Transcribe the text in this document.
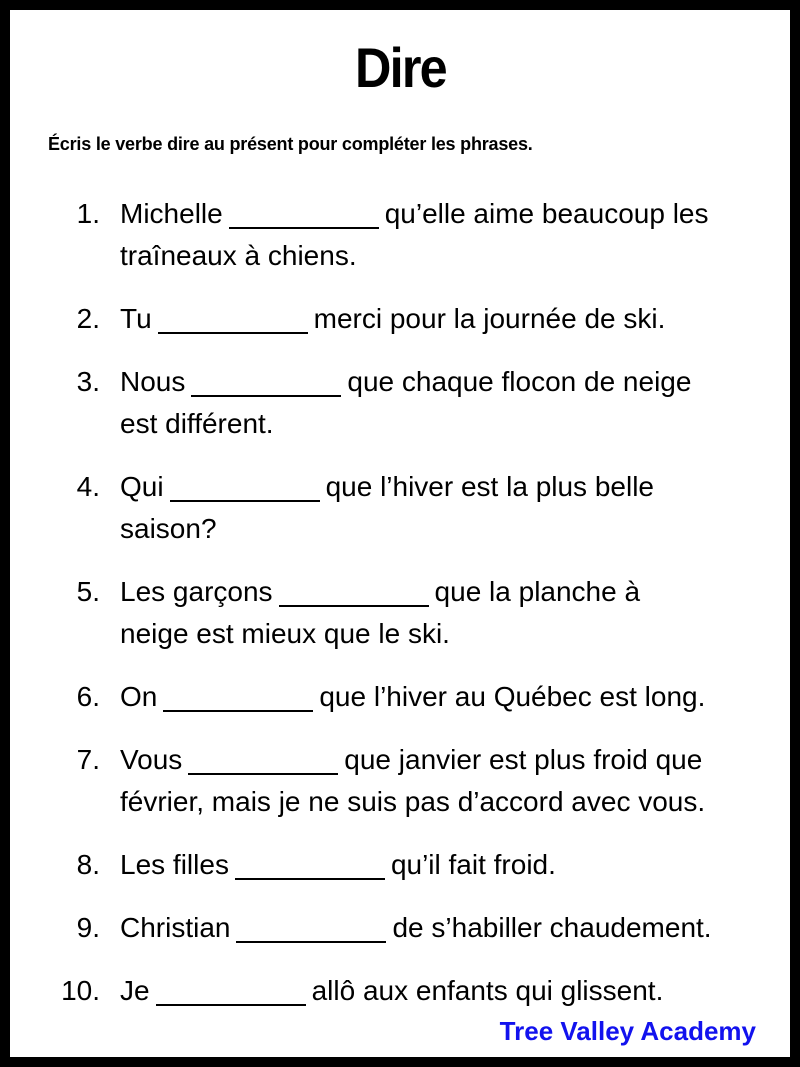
Dire

Écris le verbe dire au présent pour compléter les phrases.

1. Michelle	qu’elle aime beaucoup les
traîneaux à chiens.
2. Tu	merci pour la journée de ski.
3. Nous	que chaque flocon de neige
est différent.
4. Qui	que l’hiver est la plus belle
saison?
5. Les garçons	que la planche à
neige est mieux que le ski.
6. On	que l’hiver au Québec est long.
7. Vous	que janvier est plus froid que
février, mais je ne suis pas d’accord avec vous.
8. Les filles	qu’il fait froid.
9. Christian	de s’habiller chaudement.
10. Je	allô aux enfants qui glissent.
Tree Valley Academy
